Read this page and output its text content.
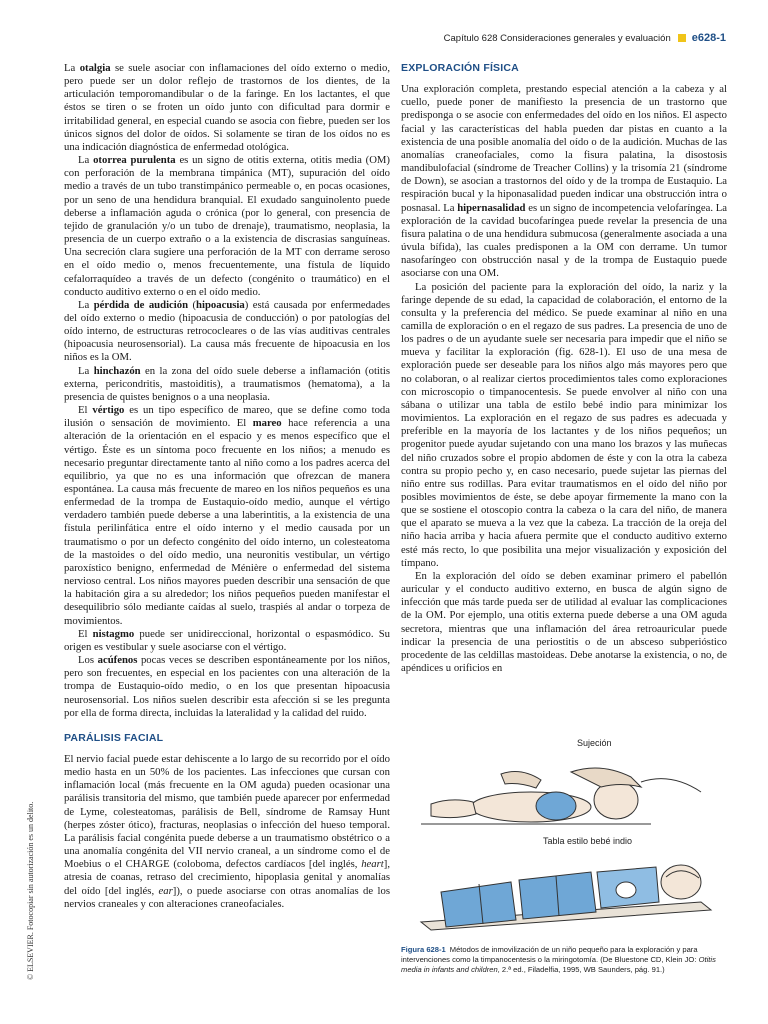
Capítulo 628
Consideraciones generales y evaluación e628-1
© ELSEVIER. Fotocopiar sin autorización es un delito.

La otalgia se suele asociar con inflamaciones del oído externo o medio, pero puede ser un dolor reflejo de trastornos de los dientes, de la articulación temporomandibular o de la faringe. En los lactantes, el que éstos se tiren o se froten un oído junto con dificultad para dormir e irritabilidad general, en especial cuando se asocia con fiebre, pueden ser los únicos signos del dolor de oídos. Si solamente se tiran de los oídos no es una indicación diagnóstica de enfermedad otológica.

La otorrea purulenta es un signo de otitis externa, otitis media (OM) con perforación de la membrana timpánica (MT), supuración del oído medio a través de un tubo transtimpánico permeable o, en pocas ocasiones, por un seno de una hendidura branquial. El exudado sanguinolento puede deberse a inflamación aguda o crónica (por lo general, con presencia de tejido de granulación y/o un tubo de drenaje), traumatismo, neoplasia, la presencia de un cuerpo extraño o a la existencia de discrasias sanguíneas. Una secreción clara sugiere una perforación de la MT con derrame seroso en el oído medio o, menos frecuentemente, una fístula de líquido cefalorraquídeo a través de un defecto (congénito o traumático) en el conducto auditivo externo o en el oído medio.

La pérdida de audición (hipoacusia) está causada por enfermedades del oído externo o medio (hipoacusia de conducción) o por patologías del oído interno, de estructuras retrococleares o de las vías auditivas centrales (hipoacusia neurosensorial). La causa más frecuente de hipoacusia en los niños es la OM.

La hinchazón en la zona del oído suele deberse a inflamación (otitis externa, pericondritis, mastoiditis), a traumatismos (hematoma), a la presencia de quistes benignos o a una neoplasia.

El vértigo es un tipo específico de mareo, que se define como toda ilusión o sensación de movimiento. El mareo hace referencia a una alteración de la orientación en el espacio y es menos específico que el vértigo. Éste es un síntoma poco frecuente en los niños; a menudo es necesario preguntar directamente tanto al niño como a los padres acerca del equilibrio, ya que no es una información que ofrezcan de manera espontánea. La causa más frecuente de mareo en los niños pequeños es una enfermedad de la trompa de Eustaquio-oído medio, aunque el vértigo verdadero también puede deberse a una laberintitis, a la existencia de una fístula perilinfática entre el oído interno y el medio causada por un traumatismo o por un defecto congénito del oído interno, un colesteatoma de la mastoides o del oído medio, una neuronitis vestibular, un vértigo paroxístico benigno, enfermedad de Ménière o enfermedad del sistema nervioso central. Los niños mayores pueden describir una sensación de que la habitación gira a su alrededor; los niños pequeños pueden manifestar el desequilibrio sólo mediante caídas al suelo, traspiés al andar o torpeza de movimientos.

El nistagmo puede ser unidireccional, horizontal o espasmódico. Su origen es vestibular y suele asociarse con el vértigo.

Los acúfenos pocas veces se describen espontáneamente por los niños, pero son frecuentes, en especial en los pacientes con una alteración de la trompa de Eustaquio-oído medio, o en los que presentan hipoacusia neurosensorial. Los niños suelen describir esta afección si se les pregunta por ella de forma directa, incluidas la lateralidad y la calidad del ruido.

PARÁLISIS FACIAL

El nervio facial puede estar dehiscente a lo largo de su recorrido por el oído medio hasta en un 50% de los pacientes. Las infecciones que cursan con inflamación local (más frecuente en la OM aguda) pueden ocasionar una parálisis transitoria del mismo, que también puede aparecer por enfermedad de Lyme, colesteatomas, parálisis de Bell, síndrome de Ramsay Hunt (herpes zóster ótico), fracturas, neoplasias o infección del hueso temporal. La parálisis facial congénita puede deberse a un traumatismo obstétrico o a una anomalía congénita del VII nervio craneal, a un síndrome como el de Moebius o el CHARGE (coloboma, defectos cardíacos [del inglés, heart], atresia de coanas, retraso del crecimiento, hipoplasia genital y anomalías del oído [del inglés, ear]), o puede asociarse con otras anomalías de los nervios craneales y con alteraciones craneofaciales.

EXPLORACIÓN FÍSICA

Una exploración completa, prestando especial atención a la cabeza y al cuello, puede poner de manifiesto la presencia de un trastorno que predisponga o se asocie con enfermedades del oído en los niños. El aspecto facial y las características del habla pueden dar pistas en cuanto a la existencia de una posible anomalía del oído o de la audición. Muchas de las anomalías craneofaciales, como la fisura palatina, la disostosis mandibulofacial (síndrome de Treacher Collins) y la trisomía 21 (síndrome de Down), se asocian a trastornos del oído y de la trompa de Eustaquio. La respiración bucal y la hiponasalidad pueden indicar una obstrucción intra o posnasal. La hipernasalidad es un signo de incompetencia velofaríngea. La exploración de la cavidad bucofaríngea puede revelar la presencia de una fisura palatina o de una hendidura submucosa (generalmente asociada a una úvula bífida), las cuales predisponen a la OM con derrame. Un tumor nasofaríngeo con obstrucción nasal y de la trompa de Eustaquio puede asociarse con una OM.

La posición del paciente para la exploración del oído, la nariz y la faringe depende de su edad, la capacidad de colaboración, el entorno de la consulta y la preferencia del médico. Se puede examinar al niño en una camilla de exploración o en el regazo de sus padres. La presencia de uno de los padres o de un ayudante suele ser necesaria para impedir que el niño se mueva y facilitar la exploración (fig. 628-1). El uso de una mesa de exploración puede ser deseable para los niños algo más mayores pero que no colaboran, o al realizar ciertos procedimientos tales como exploraciones con microscopio o timpanocentesis. Se puede envolver al niño con una sábana o utilizar una tabla de estilo bebé indio para minimizar los movimientos. La exploración en el regazo de sus padres es adecuada y preferible en la mayoría de los lactantes y de los niños pequeños; un progenitor puede ayudar sujetando con una mano los brazos y las muñecas del niño cruzados sobre el propio abdomen de éste y con la otra la cabeza contra su propio pecho y, en caso necesario, puede sujetar las piernas del niño entre sus rodillas. Para evitar traumatismos en el oído del niño por posibles movimientos de éste, se debe apoyar firmemente la mano con la que se sostiene el otoscopio contra la cabeza o la cara del niño, de manera que el aparato se mueva a la vez que la cabeza. La tracción de la oreja del niño hacia arriba y hacia afuera permite que el conducto auditivo externo esté más recto, lo que posibilita una mejor visualización y exposición del tímpano.

En la exploración del oído se deben examinar primero el pabellón auricular y el conducto auditivo externo, en busca de algún signo de infección que más tarde pueda ser de utilidad al evaluar las complicaciones de la OM. Por ejemplo, una otitis externa puede deberse a una OM aguda secretora, mientras que una inflamación del área retroauricular puede indicar la presencia de una periostitis o de un absceso subperióstico procedente de las celdillas mastoideas. Debe anotarse la existencia, o no, de apéndices u orificios en

Sujeción
Tabla estilo bebé indio
Figura 628-1 Métodos de inmovilización de un niño pequeño para la exploración y para intervenciones como la timpanocentesis o la miringotomía. (De Bluestone CD, Klein JO: Otitis media in infants and children, 2.ª ed., Filadelfia, 1995, WB Saunders, pág. 91.)
